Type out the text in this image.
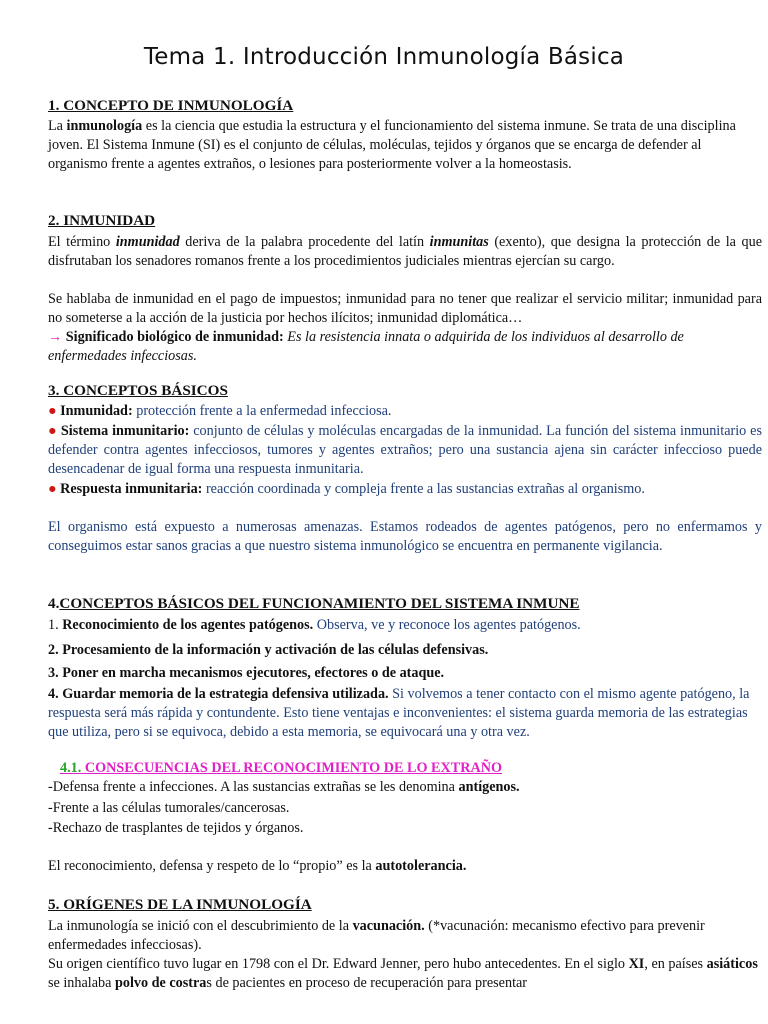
Tema 1. Introducción Inmunología Básica
1. CONCEPTO DE INMUNOLOGÍA

La inmunología es la ciencia que estudia la estructura y el funcionamiento del sistema inmune. Se trata de una disciplina joven. El Sistema Inmune (SI) es el conjunto de células, moléculas, tejidos y órganos que se encarga de defender al organismo frente a agentes extraños, o lesiones para posteriormente volver a la homeostasis.

2. INMUNIDAD

El término inmunidad deriva de la palabra procedente del latín inmunitas (exento), que designa la protección de la que disfrutaban los senadores romanos frente a los procedimientos judiciales mientras ejercían su cargo.

Se hablaba de inmunidad en el pago de impuestos; inmunidad para no tener que realizar el servicio militar; inmunidad para no someterse a la acción de la justicia por hechos ilícitos; inmunidad diplomática…

→ Significado biológico de inmunidad: Es la resistencia innata o adquirida de los individuos al desarrollo de enfermedades infecciosas.

3. CONCEPTOS BÁSICOS

● Inmunidad: protección frente a la enfermedad infecciosa.

● Sistema inmunitario: conjunto de células y moléculas encargadas de la inmunidad. La función del sistema inmunitario es defender contra agentes infecciosos, tumores y agentes extraños; pero una sustancia ajena sin carácter infeccioso puede desencadenar de igual forma una respuesta inmunitaria.

● Respuesta inmunitaria: reacción coordinada y compleja frente a las sustancias extrañas al organismo.

El organismo está expuesto a numerosas amenazas. Estamos rodeados de agentes patógenos, pero no enfermamos y conseguimos estar sanos gracias a que nuestro sistema inmunológico se encuentra en permanente vigilancia.

4.CONCEPTOS BÁSICOS DEL FUNCIONAMIENTO DEL SISTEMA INMUNE

1. Reconocimiento de los agentes patógenos. Observa, ve y reconoce los agentes patógenos.

2. Procesamiento de la información y activación de las células defensivas.

3. Poner en marcha mecanismos ejecutores, efectores o de ataque.

4. Guardar memoria de la estrategia defensiva utilizada. Si volvemos a tener contacto con el mismo agente patógeno, la respuesta será más rápida y contundente. Esto tiene ventajas e inconvenientes: el sistema guarda memoria de las estrategias que utiliza, pero si se equivoca, debido a esta memoria, se equivocará una y otra vez.

4.1. CONSECUENCIAS DEL RECONOCIMIENTO DE LO EXTRAÑO

-Defensa frente a infecciones. A las sustancias extrañas se les denomina antígenos.

-Frente a las células tumorales/cancerosas.

-Rechazo de trasplantes de tejidos y órganos.

El reconocimiento, defensa y respeto de lo “propio” es la autotolerancia.

5. ORÍGENES DE LA INMUNOLOGÍA

La inmunología se inició con el descubrimiento de la vacunación. (*vacunación: mecanismo efectivo para prevenir enfermedades infecciosas).

Su origen científico tuvo lugar en 1798 con el Dr. Edward Jenner, pero hubo antecedentes. En el siglo XI, en países asiáticos se inhalaba polvo de costras de pacientes en proceso de recuperación para presentar
